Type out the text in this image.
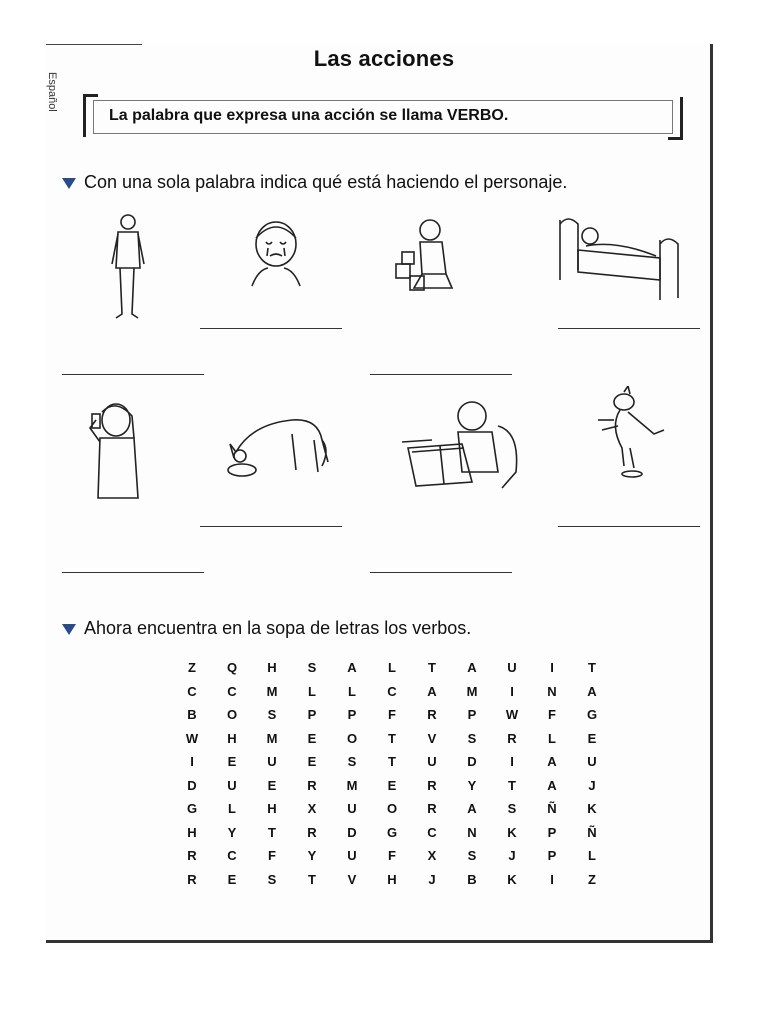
Español
Las acciones
La palabra que expresa una acción se llama VERBO.
Con una sola palabra indica qué está haciendo el personaje.
Ahora encuentra en la sopa de letras los verbos.
Z	Q	H	S	A	L	T	A	U	I	T
C	C	M	L	L	C	A	M	I	N	A
B	O	S	P	P	F	R	P	W	F	G
W	H	M	E	O	T	V	S	R	L	E
I	E	U	E	S	T	U	D	I	A	U
D	U	E	R	M	E	R	Y	T	A	J
G	L	H	X	U	O	R	A	S	Ñ	K
H	Y	T	R	D	G	C	N	K	P	Ñ
R	C	F	Y	U	F	X	S	J	P	L
R	E	S	T	V	H	J	B	K	I	Z
